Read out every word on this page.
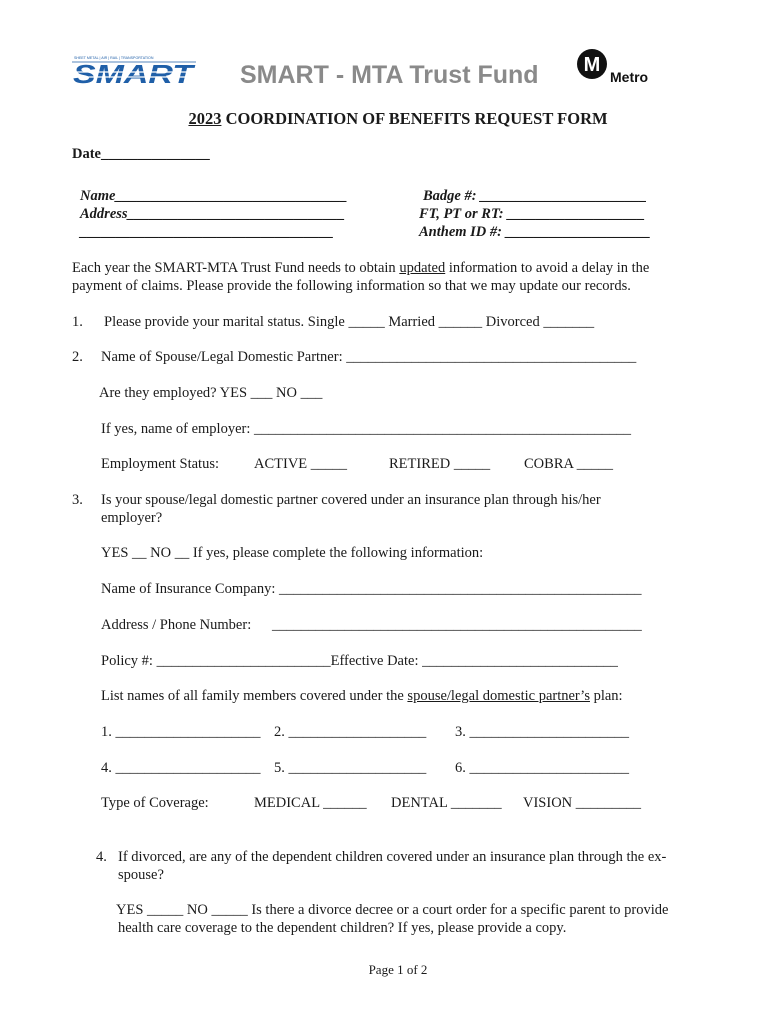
SHEET METAL | AIR | RAIL | TRANSPORTATION
SMART SMART - MTA Trust Fund M
Metro
2023 COORDINATION OF BENEFITS REQUEST FORM
Date_______________
Name________________________________
Address______________________________
___________________________________
Badge #: _______________________
FT, PT or RT: ___________________
Anthem ID #: ____________________
Each year the SMART-MTA Trust Fund needs to obtain updated information to avoid a delay in the
payment of claims. Please provide the following information so that we may update our records.
1. Please provide your marital status. Single _____ Married ______ Divorced _______
2. Name of Spouse/Legal Domestic Partner: ________________________________________
Are they employed? YES ___ NO ___
If yes, name of employer: ____________________________________________________
Employment Status: ACTIVE _____	RETIRED _____ COBRA _____
3. Is your spouse/legal domestic partner covered under an insurance plan through his/her
employer?
YES __ NO __ If yes, please complete the following information:
Name of Insurance Company: __________________________________________________
Address / Phone Number: ___________________________________________________
Policy #: ________________________Effective Date: ___________________________
List names of all family members covered under the spouse/legal domestic partner’s plan:
1. ____________________ 2. ___________________ 3. ______________________
4. ____________________ 5. ___________________ 6. ______________________
Type of Coverage:	MEDICAL ______ DENTAL _______ VISION _________
4. If divorced, are any of the dependent children covered under an insurance plan through the ex-
spouse?
YES _____ NO _____ Is there a divorce decree or a court order for a specific parent to provide
health care coverage to the dependent children? If yes, please provide a copy.
Page 1 of 2
